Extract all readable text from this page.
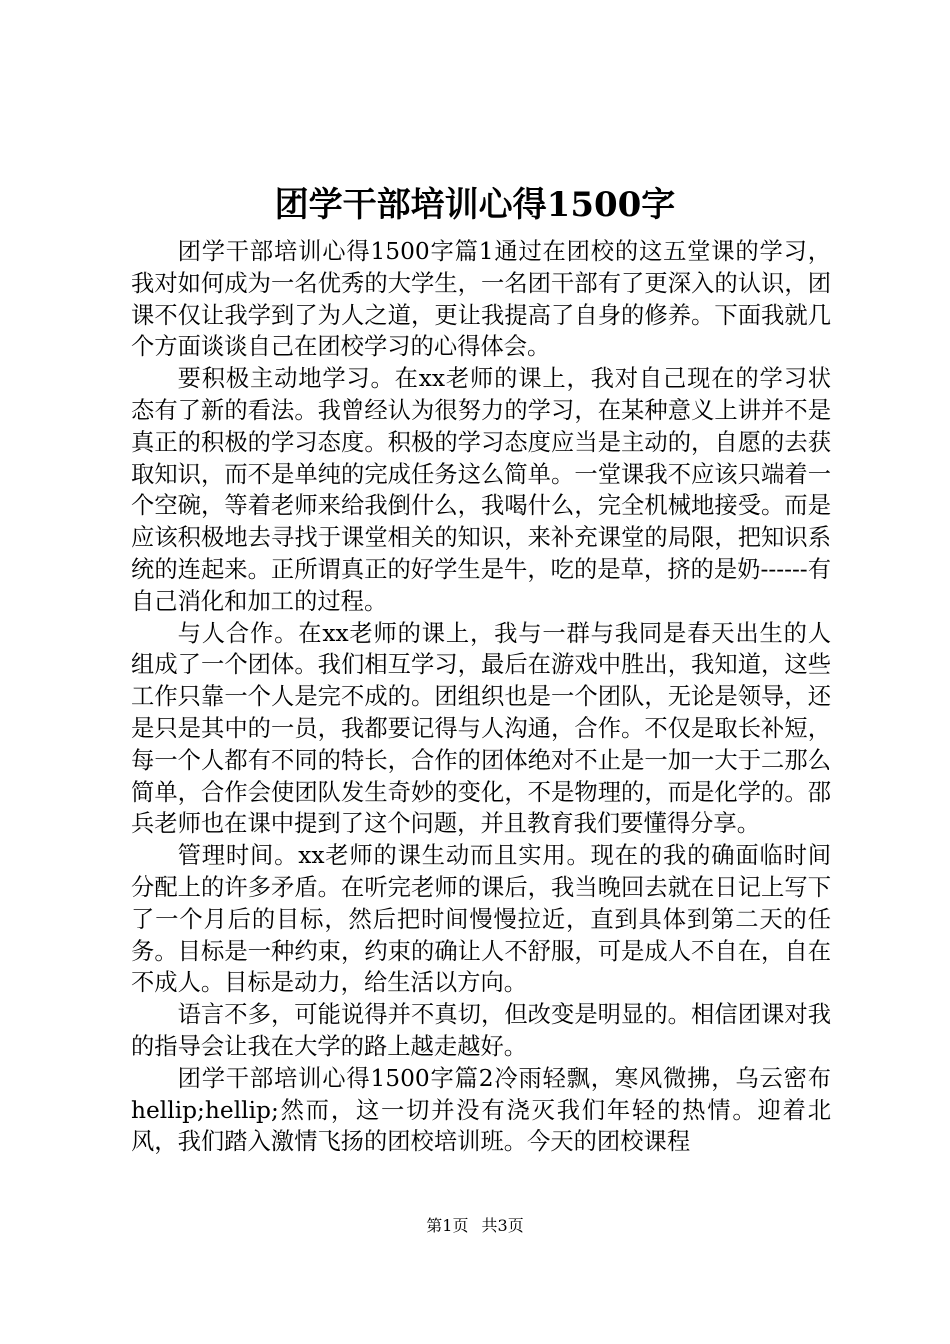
团学干部培训心得1500字

团学干部培训心得1500字篇1通过在团校的这五堂课的学习，我对如何成为一名优秀的大学生，一名团干部有了更深入的认识，团课不仅让我学到了为人之道，更让我提高了自身的修养。下面我就几个方面谈谈自己在团校学习的心得体会。

要积极主动地学习。在xx老师的课上，我对自己现在的学习状态有了新的看法。我曾经认为很努力的学习，在某种意义上讲并不是真正的积极的学习态度。积极的学习态度应当是主动的，自愿的去获取知识，而不是单纯的完成任务这么简单。一堂课我不应该只端着一个空碗，等着老师来给我倒什么，我喝什么，完全机械地接受。而是应该积极地去寻找于课堂相关的知识，来补充课堂的局限，把知识系统的连起来。正所谓真正的好学生是牛，吃的是草，挤的是奶------有自己消化和加工的过程。

与人合作。在xx老师的课上，我与一群与我同是春天出生的人组成了一个团体。我们相互学习，最后在游戏中胜出，我知道，这些工作只靠一个人是完不成的。团组织也是一个团队，无论是领导，还是只是其中的一员，我都要记得与人沟通，合作。不仅是取长补短，每一个人都有不同的特长，合作的团体绝对不止是一加一大于二那么简单，合作会使团队发生奇妙的变化，不是物理的，而是化学的。邵兵老师也在课中提到了这个问题，并且教育我们要懂得分享。

管理时间。xx老师的课生动而且实用。现在的我的确面临时间分配上的许多矛盾。在听完老师的课后，我当晚回去就在日记上写下了一个月后的目标，然后把时间慢慢拉近，直到具体到第二天的任务。目标是一种约束，约束的确让人不舒服，可是成人不自在，自在不成人。目标是动力，给生活以方向。

语言不多，可能说得并不真切，但改变是明显的。相信团课对我的指导会让我在大学的路上越走越好。

团学干部培训心得1500字篇2冷雨轻飘，寒风微拂，乌云密布hellip;hellip;然而，这一切并没有浇灭我们年轻的热情。迎着北风，我们踏入激情飞扬的团校培训班。今天的团校课程

第1页 共3页
